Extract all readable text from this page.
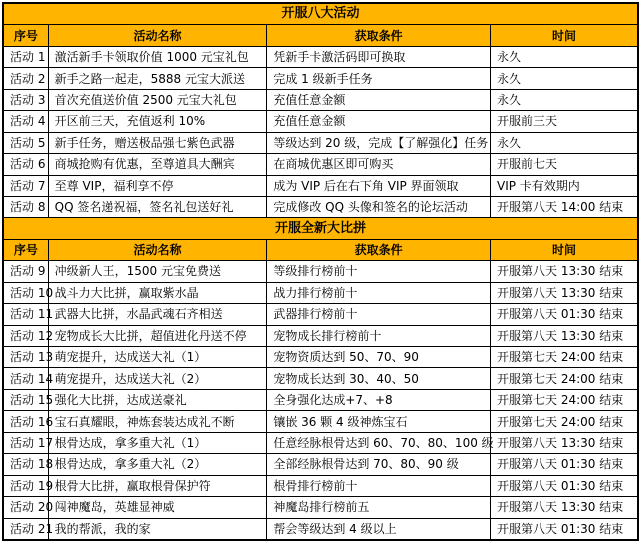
开服八大活动			
序号	活动名称	获取条件	时间
活动 1	激活新手卡领取价值 1000 元宝礼包	凭新手卡激活码即可换取	永久
活动 2	新手之路一起走，5888 元宝大派送	完成 1 级新手任务	永久
活动 3	首次充值送价值 2500 元宝大礼包	充值任意金额	永久
活动 4	开区前三天，充值返利 10%	充值任意金额	开服前三天
活动 5	新手任务，赠送极品强七紫色武器	等级达到 20 级，完成【了解强化】任务	永久
活动 6	商城抢购有优惠，至尊道具大酬宾	在商城优惠区即可购买	开服前七天
活动 7	至尊 VIP，福利享不停	成为 VIP 后在右下角 VIP 界面领取	VIP 卡有效期内
活动 8	QQ 签名递祝福，签名礼包送好礼	完成修改 QQ 头像和签名的论坛活动	开服第八天 14:00 结束
开服全新大比拼			
序号	活动名称	获取条件	时间
活动 9	冲级新人王，1500 元宝免费送	等级排行榜前十	开服第八天 13:30 结束
活动 10	战斗力大比拼，赢取紫水晶	战力排行榜前十	开服第八天 13:30 结束
活动 11	武器大比拼，水晶武魂石齐相送	武器排行榜前十	开服第八天 01:30 结束
活动 12	宠物成长大比拼，超值进化丹送不停	宠物成长排行榜前十	开服第八天 13:30 结束
活动 13	萌宠提升，达成送大礼（1）	宠物资质达到 50、70、90	开服第七天 24:00 结束
活动 14	萌宠提升，达成送大礼（2）	宠物成长达到 30、40、50	开服第七天 24:00 结束
活动 15	强化大比拼，达成送豪礼	全身强化达成+7、+8	开服第七天 24:00 结束
活动 16	宝石真耀眼，神炼套装达成礼不断	镶嵌 36 颗 4 级神炼宝石	开服第七天 24:00 结束
活动 17	根骨达成，拿多重大礼（1）	任意经脉根骨达到 60、70、80、100 级	开服第八天 13:30 结束
活动 18	根骨达成，拿多重大礼（2）	全部经脉根骨达到 70、80、90 级	开服第八天 01:30 结束
活动 19	根骨大比拼，赢取根骨保护符	根骨排行榜前十	开服第八天 01:30 结束
活动 20	闯神魔岛，英雄显神威	神魔岛排行榜前五	开服第八天 13:30 结束
活动 21	我的帮派，我的家	帮会等级达到 4 级以上	开服第八天 01:30 结束
